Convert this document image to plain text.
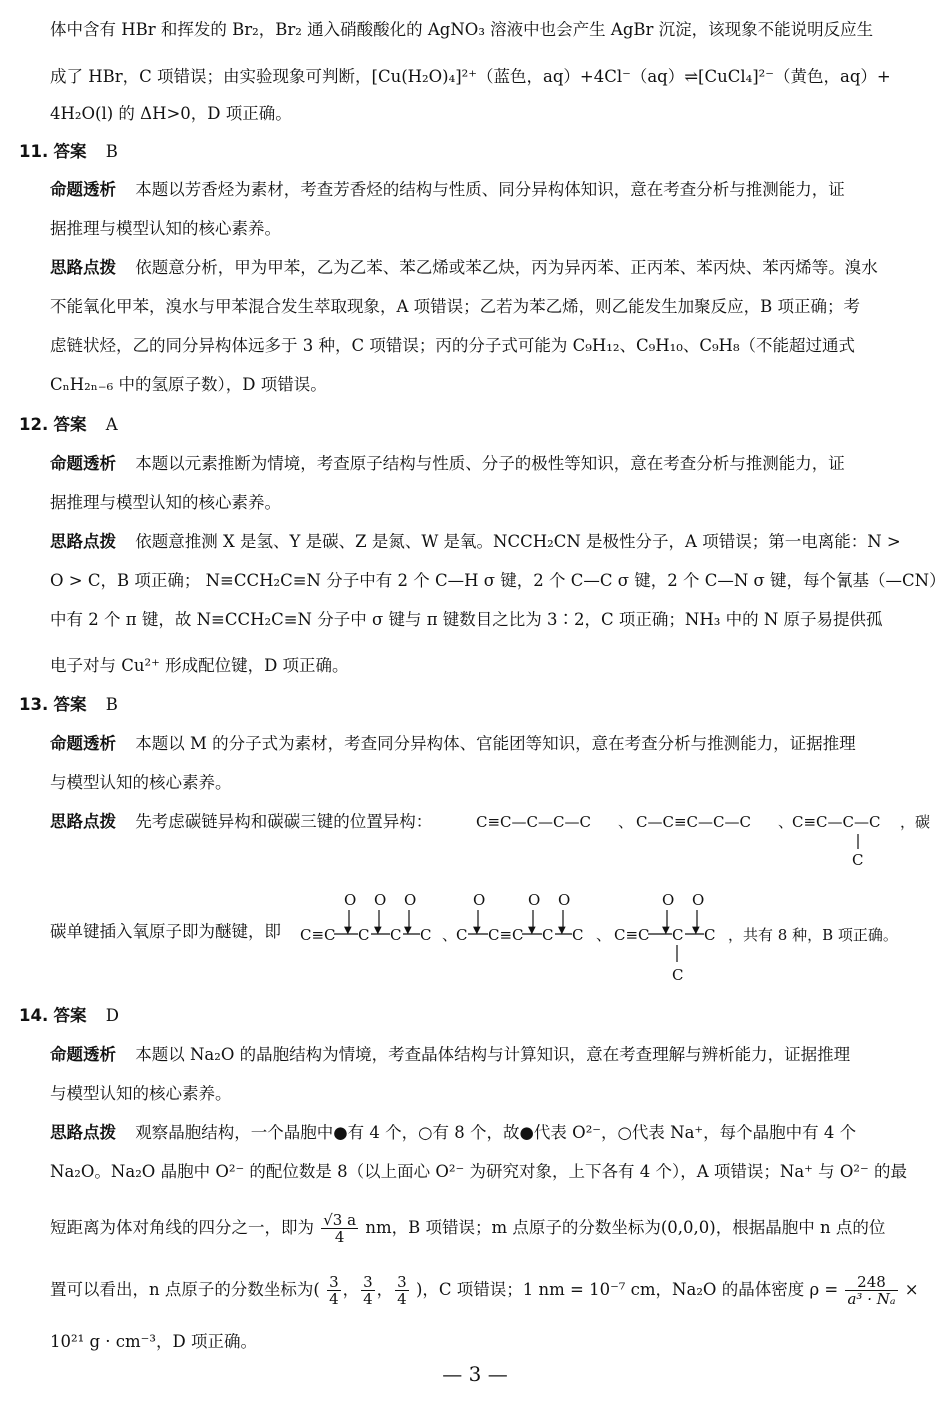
体中含有 HBr 和挥发的 Br₂，Br₂ 通入硝酸酸化的 AgNO₃ 溶液中也会产生 AgBr 沉淀，该现象不能说明反应生
成了 HBr，C 项错误；由实验现象可判断，[Cu(H₂O)₄]²⁺（蓝色，aq）+4Cl⁻（aq）⇌[CuCl₄]²⁻（黄色，aq）+
4H₂O(l) 的 ΔH>0，D 项正确。
11. 答案 B
命题透析 本题以芳香烃为素材，考查芳香烃的结构与性质、同分异构体知识，意在考查分析与推测能力，证
据推理与模型认知的核心素养。
思路点拨 依题意分析，甲为甲苯，乙为乙苯、苯乙烯或苯乙炔，丙为异丙苯、正丙苯、苯丙炔、苯丙烯等。溴水
不能氧化甲苯，溴水与甲苯混合发生萃取现象，A 项错误；乙若为苯乙烯，则乙能发生加聚反应，B 项正确；考
虑链状烃，乙的同分异构体远多于 3 种，C 项错误；丙的分子式可能为 C₉H₁₂、C₉H₁₀、C₉H₈（不能超过通式
CₙH₂ₙ₋₆ 中的氢原子数），D 项错误。
12. 答案 A
命题透析 本题以元素推断为情境，考查原子结构与性质、分子的极性等知识，意在考查分析与推测能力，证
据推理与模型认知的核心素养。
思路点拨 依题意推测 X 是氢、Y 是碳、Z 是氮、W 是氧。NCCH₂CN 是极性分子，A 项错误；第一电离能：N >
O > C，B 项正确； N≡CCH₂C≡N 分子中有 2 个 C—H σ 键，2 个 C—C σ 键，2 个 C—N σ 键，每个氰基（—CN）
中有 2 个 π 键，故 N≡CCH₂C≡N 分子中 σ 键与 π 键数目之比为 3∶2，C 项正确；NH₃ 中的 N 原子易提供孤
电子对与 Cu²⁺ 形成配位键，D 项正确。
13. 答案 B
命题透析 本题以 M 的分子式为素材，考查同分异构体、官能团等知识，意在考查分析与推测能力，证据推理
与模型认知的核心素养。
思路点拨 先考虑碳链异构和碳碳三键的位置异构：	C≡C—C—C—C 、 C—C≡C—C—C 、
C≡C—C—C
C
，碳
碳单键插入氧原子即为醚键，即 C≡C C C C
O O O
▼ ▼ ▼ 、
C C≡C C C
O	O O
▼	▼ ▼ 、 C≡C C C
C
O O
▼ ▼ ，共有 8 种，B 项正确。
14. 答案 D
命题透析 本题以 Na₂O 的晶胞结构为情境，考查晶体结构与计算知识，意在考查理解与辨析能力，证据推理
与模型认知的核心素养。
思路点拨 观察晶胞结构，一个晶胞中●有 4 个，○有 8 个，故●代表 O²⁻，○代表 Na⁺，每个晶胞中有 4 个
Na₂O。Na₂O 晶胞中 O²⁻ 的配位数是 8（以上面心 O²⁻ 为研究对象，上下各有 4 个），A 项错误；Na⁺ 与 O²⁻ 的最
短距离为体对角线的四分之一，即为 $\frac{√3 a}{4}$ nm，B 项错误；m 点原子的分数坐标为(0,0,0)，根据晶胞中 n 点的位
置可以看出，n 点原子的分数坐标为( $\frac{3}{4}$ ， $\frac{3}{4}$ ， $\frac{3}{4}$ )，C 项错误；1 nm = 10⁻⁷ cm，Na₂O 的晶体密度 $\rho = \frac{248}{\text{a³ · Nₐ}}$ ×
10²¹ g · cm⁻³，D 项正确。
— 3 —
